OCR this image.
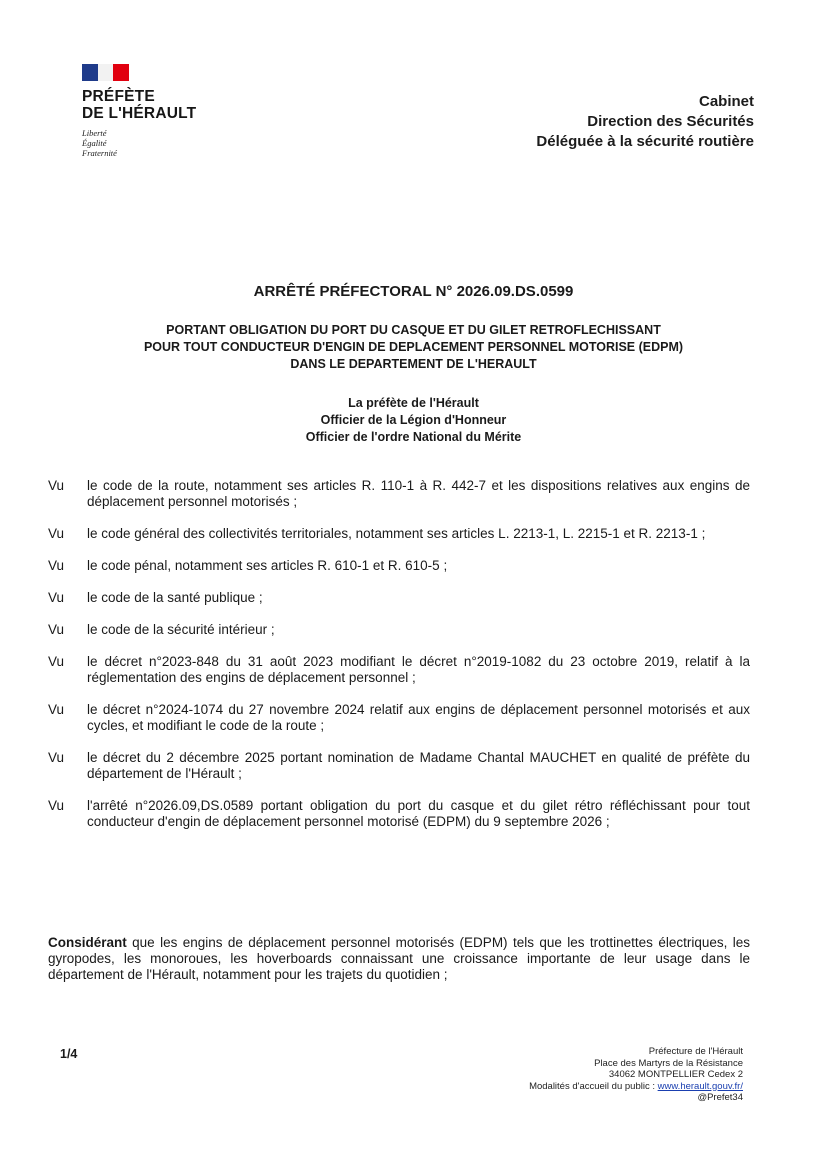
PRÉFÈTE
DE L'HÉRAULT
Liberté
Égalité
Fraternité
Cabinet
Direction des Sécurités
Déléguée à la sécurité routière
ARRÊTÉ PRÉFECTORAL N° 2026.09.DS.0599
PORTANT OBLIGATION DU PORT DU CASQUE ET DU GILET RETROFLECHISSANT
POUR TOUT CONDUCTEUR D'ENGIN DE DEPLACEMENT PERSONNEL MOTORISE (EDPM)
DANS LE DEPARTEMENT DE L'HERAULT
La préfète de l'Hérault
Officier de la Légion d'Honneur
Officier de l'ordre National du Mérite
Vu	le code de la route, notamment ses articles R. 110-1 à R. 442-7 et les dispositions relatives aux engins de déplacement personnel motorisés ;
Vu	le code général des collectivités territoriales, notamment ses articles L. 2213-1, L. 2215-1 et R. 2213-1 ;
Vu	le code pénal, notamment ses articles R. 610-1 et R. 610-5 ;
Vu	le code de la santé publique ;
Vu	le code de la sécurité intérieur ;
Vu	le décret n°2023-848 du 31 août 2023 modifiant le décret n°2019-1082 du 23 octobre 2019, relatif à la réglementation des engins de déplacement personnel ;
Vu	le décret n°2024-1074 du 27 novembre 2024 relatif aux engins de déplacement personnel motorisés et aux cycles, et modifiant le code de la route ;
Vu	le décret du 2 décembre 2025 portant nomination de Madame Chantal MAUCHET en qualité de préfète du département de l'Hérault ;
Vu	l'arrêté n°2026.09,DS.0589 portant obligation du port du casque et du gilet rétro réfléchissant pour tout conducteur d'engin de déplacement personnel motorisé (EDPM) du 9 septembre 2026 ;
Considérant que les engins de déplacement personnel motorisés (EDPM) tels que les trottinettes électriques, les gyropodes, les monoroues, les hoverboards connaissant une croissance importante de leur usage dans le département de l'Hérault, notamment pour les trajets du quotidien ;
1/4	Préfecture de l'Hérault
Place des Martyrs de la Résistance
34062 MONTPELLIER Cedex 2
Modalités d'accueil du public : www.herault.gouv.fr/
@Prefet34
